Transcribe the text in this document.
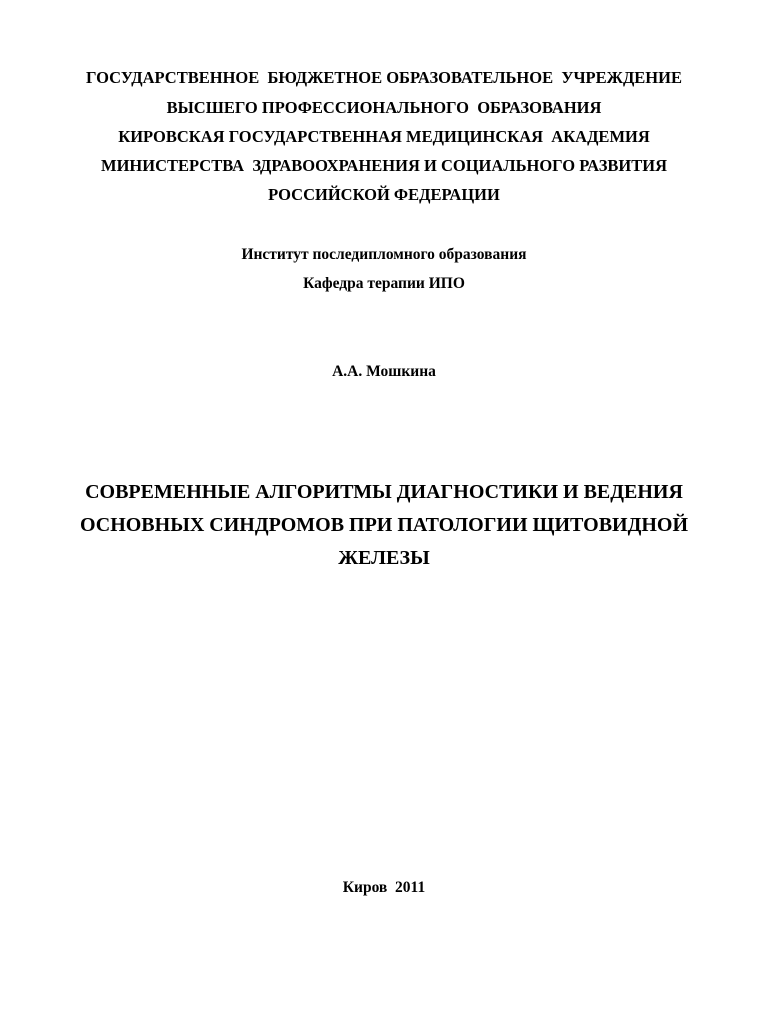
ГОСУДАРСТВЕННОЕ  БЮДЖЕТНОЕ ОБРАЗОВАТЕЛЬНОЕ  УЧРЕЖДЕНИЕ
ВЫСШЕГО ПРОФЕССИОНАЛЬНОГО  ОБРАЗОВАНИЯ
КИРОВСКАЯ ГОСУДАРСТВЕННАЯ МЕДИЦИНСКАЯ  АКАДЕМИЯ
МИНИСТЕРСТВА  ЗДРАВООХРАНЕНИЯ И СОЦИАЛЬНОГО РАЗВИТИЯ
РОССИЙСКОЙ ФЕДЕРАЦИИ
Институт последипломного образования
Кафедра терапии ИПО
А.А. Мошкина
СОВРЕМЕННЫЕ АЛГОРИТМЫ ДИАГНОСТИКИ И ВЕДЕНИЯ
ОСНОВНЫХ СИНДРОМОВ ПРИ ПАТОЛОГИИ ЩИТОВИДНОЙ
ЖЕЛЕЗЫ
Киров  2011
